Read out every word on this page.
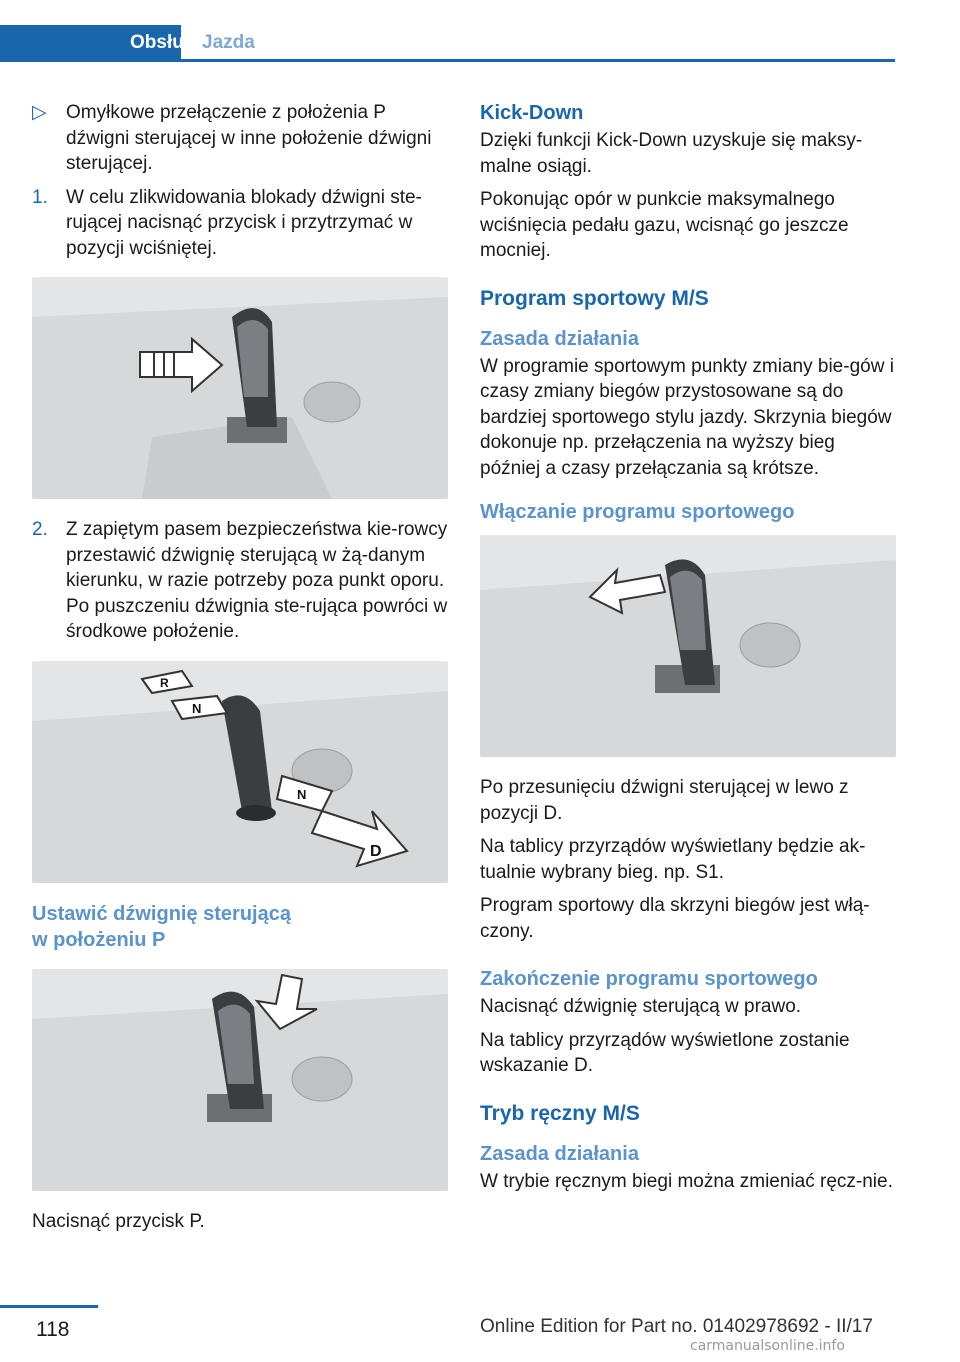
Obsługa
Jazda
▷	Omyłkowe przełączenie z położenia P dźwigni sterującej w inne położenie dźwigni sterującej.
1. W celu zlikwidowania blokady dźwigni ste‐rującej nacisnąć przycisk i przytrzymać w pozycji wciśniętej.
2. Z zapiętym pasem bezpieczeństwa kie‐rowcy przestawić dźwignię sterującą w żą‐danym kierunku, w razie potrzeby poza punkt oporu. Po puszczeniu dźwignia ste‐rująca powróci w środkowe położenie.
R
N
N
D
Ustawić dźwignię sterującą
w położeniu P

Nacisnąć przycisk P.

Kick-Down

Dzięki funkcji Kick-Down uzyskuje się maksy‐malne osiągi.

Pokonując opór w punkcie maksymalnego wciśnięcia pedału gazu, wcisnąć go jeszcze mocniej.

Program sportowy M/S
Zasada działania

W programie sportowym punkty zmiany bie‐gów i czasy zmiany biegów przystosowane są do bardziej sportowego stylu jazdy. Skrzynia biegów dokonuje np. przełączenia na wyższy bieg później a czasy przełączania są krótsze.

Włączanie programu sportowego

Po przesunięciu dźwigni sterującej w lewo z pozycji D.

Na tablicy przyrządów wyświetlany będzie ak‐tualnie wybrany bieg. np. S1.

Program sportowy dla skrzyni biegów jest włą‐czony.

Zakończenie programu sportowego

Nacisnąć dźwignię sterującą w prawo.

Na tablicy przyrządów wyświetlone zostanie wskazanie D.

Tryb ręczny M/S
Zasada działania

W trybie ręcznym biegi można zmieniać ręcz‐nie.

118	Online Edition for Part no. 01402978692 - II/17
carmanualsonline.info
